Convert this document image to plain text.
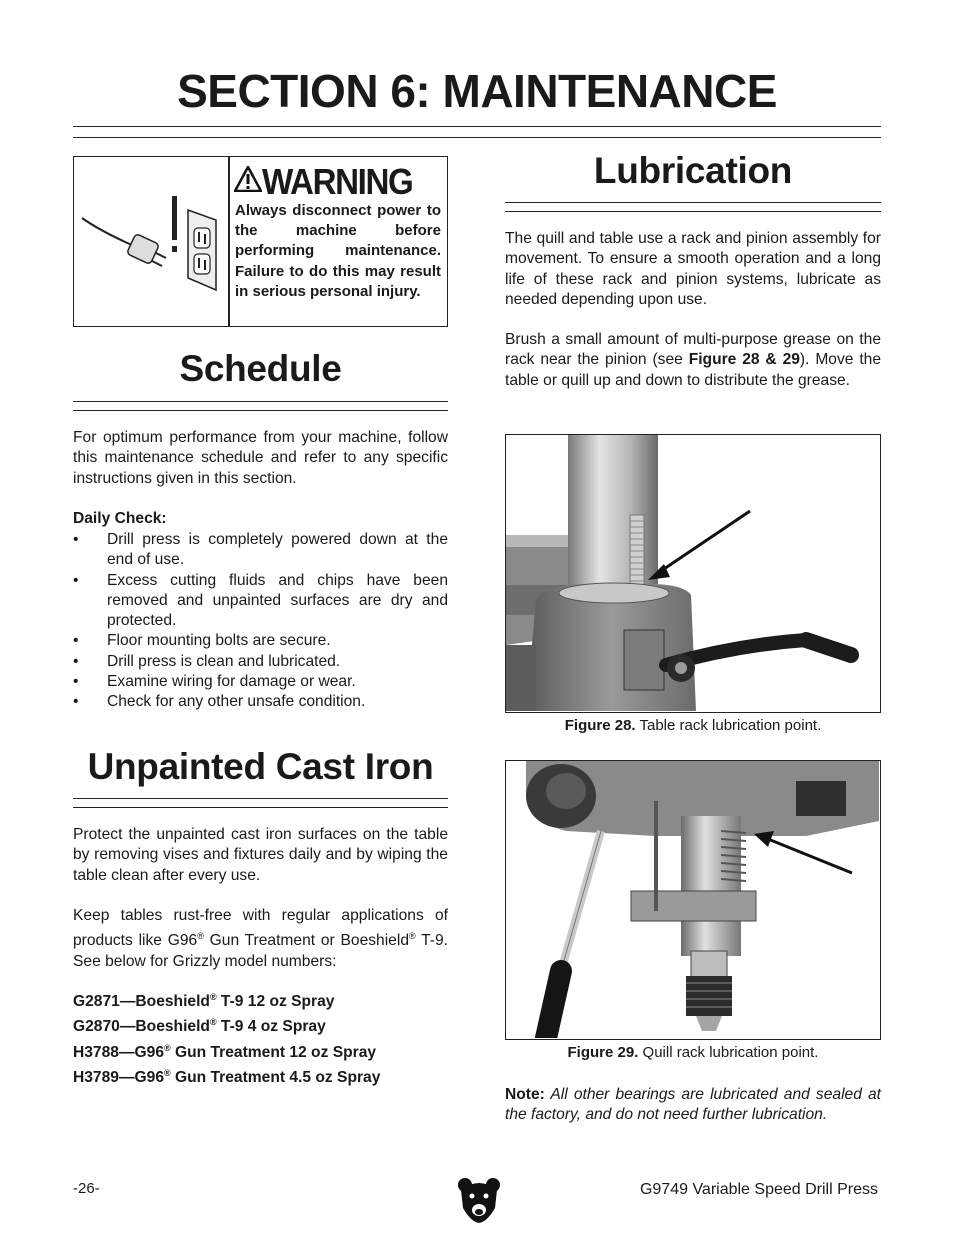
SECTION 6: MAINTENANCE
WARNING
Always disconnect power to the machine before performing maintenance. Failure to do this may result in serious personal injury.
Schedule
For optimum performance from your machine, follow this maintenance schedule and refer to any specific instructions given in this section.
Daily Check:
• Drill press is completely powered down at the end of use.
• Excess cutting fluids and chips have been removed and unpainted surfaces are dry and protected.
• Floor mounting bolts are secure.
• Drill press is clean and lubricated.
• Examine wiring for damage or wear.
• Check for any other unsafe condition.
Unpainted Cast Iron
Protect the unpainted cast iron surfaces on the table by removing vises and fixtures daily and by wiping the table clean after every use.
Keep tables rust-free with regular applications of products like G96® Gun Treatment or Boeshield® T-9. See below for Grizzly model numbers:
G2871—Boeshield® T-9 12 oz Spray
G2870—Boeshield® T-9 4 oz Spray
H3788—G96® Gun Treatment 12 oz Spray
H3789—G96® Gun Treatment 4.5 oz Spray
Lubrication
The quill and table use a rack and pinion assembly for movement. To ensure a smooth operation and a long life of these rack and pinion systems, lubricate as needed depending upon use.
Brush a small amount of multi-purpose grease on the rack near the pinion (see Figure 28 & 29). Move the table or quill up and down to distribute the grease.
Figure 28. Table rack lubrication point.
Figure 29. Quill rack lubrication point.
Note: All other bearings are lubricated and sealed at the factory, and do not need further lubrication.
-26-	G9749 Variable Speed Drill Press
